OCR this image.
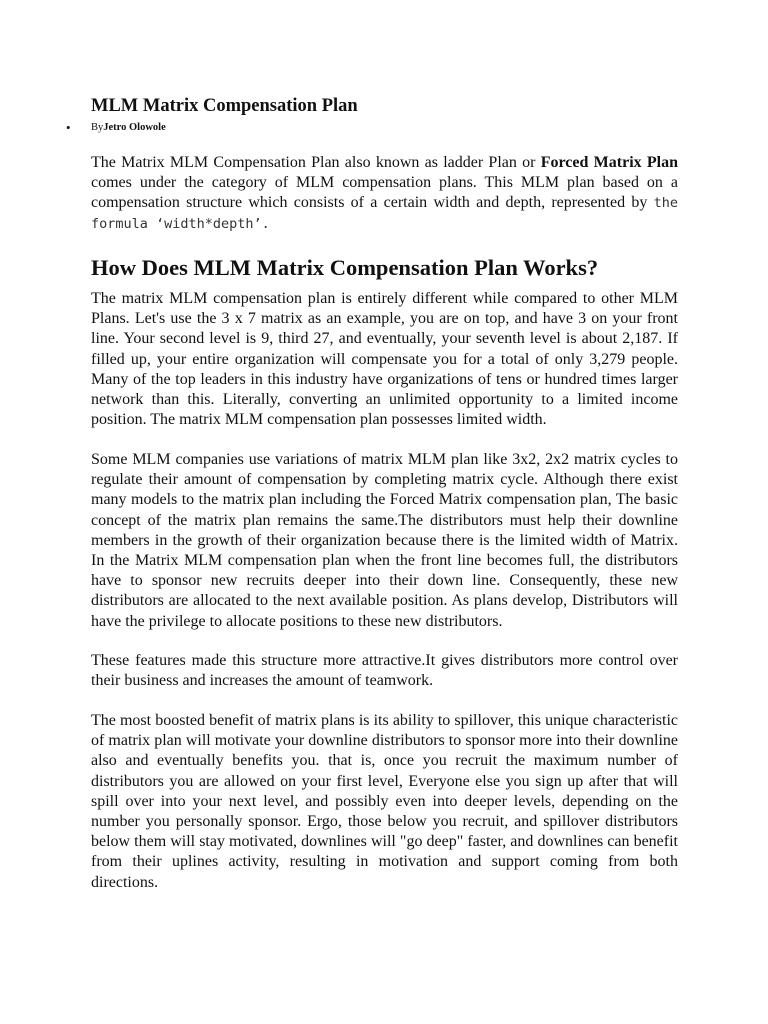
MLM Matrix Compensation Plan
• ByJetro Olowole

The Matrix MLM Compensation Plan also known as ladder Plan or Forced Matrix Plan comes under the category of MLM compensation plans. This MLM plan based on a compensation structure which consists of a certain width and depth, represented by the formula ‘width*depth’.

How Does MLM Matrix Compensation Plan Works?

The matrix MLM compensation plan is entirely different while compared to other MLM Plans. Let's use the 3 x 7 matrix as an example, you are on top, and have 3 on your front line. Your second level is 9, third 27, and eventually, your seventh level is about 2,187. If filled up, your entire organization will compensate you for a total of only 3,279 people. Many of the top leaders in this industry have organizations of tens or hundred times larger network than this. Literally, converting an unlimited opportunity to a limited income position. The matrix MLM compensation plan possesses limited width.

Some MLM companies use variations of matrix MLM plan like 3x2, 2x2 matrix cycles to regulate their amount of compensation by completing matrix cycle. Although there exist many models to the matrix plan including the Forced Matrix compensation plan, The basic concept of the matrix plan remains the same.The distributors must help their downline members in the growth of their organization because there is the limited width of Matrix. In the Matrix MLM compensation plan when the front line becomes full, the distributors have to sponsor new recruits deeper into their down line. Consequently, these new distributors are allocated to the next available position. As plans develop, Distributors will have the privilege to allocate positions to these new distributors.

These features made this structure more attractive.It gives distributors more control over their business and increases the amount of teamwork.

The most boosted benefit of matrix plans is its ability to spillover, this unique characteristic of matrix plan will motivate your downline distributors to sponsor more into their downline also and eventually benefits you. that is, once you recruit the maximum number of distributors you are allowed on your first level, Everyone else you sign up after that will spill over into your next level, and possibly even into deeper levels, depending on the number you personally sponsor. Ergo, those below you recruit, and spillover distributors below them will stay motivated, downlines will "go deep" faster, and downlines can benefit from their uplines activity, resulting in motivation and support coming from both directions.
